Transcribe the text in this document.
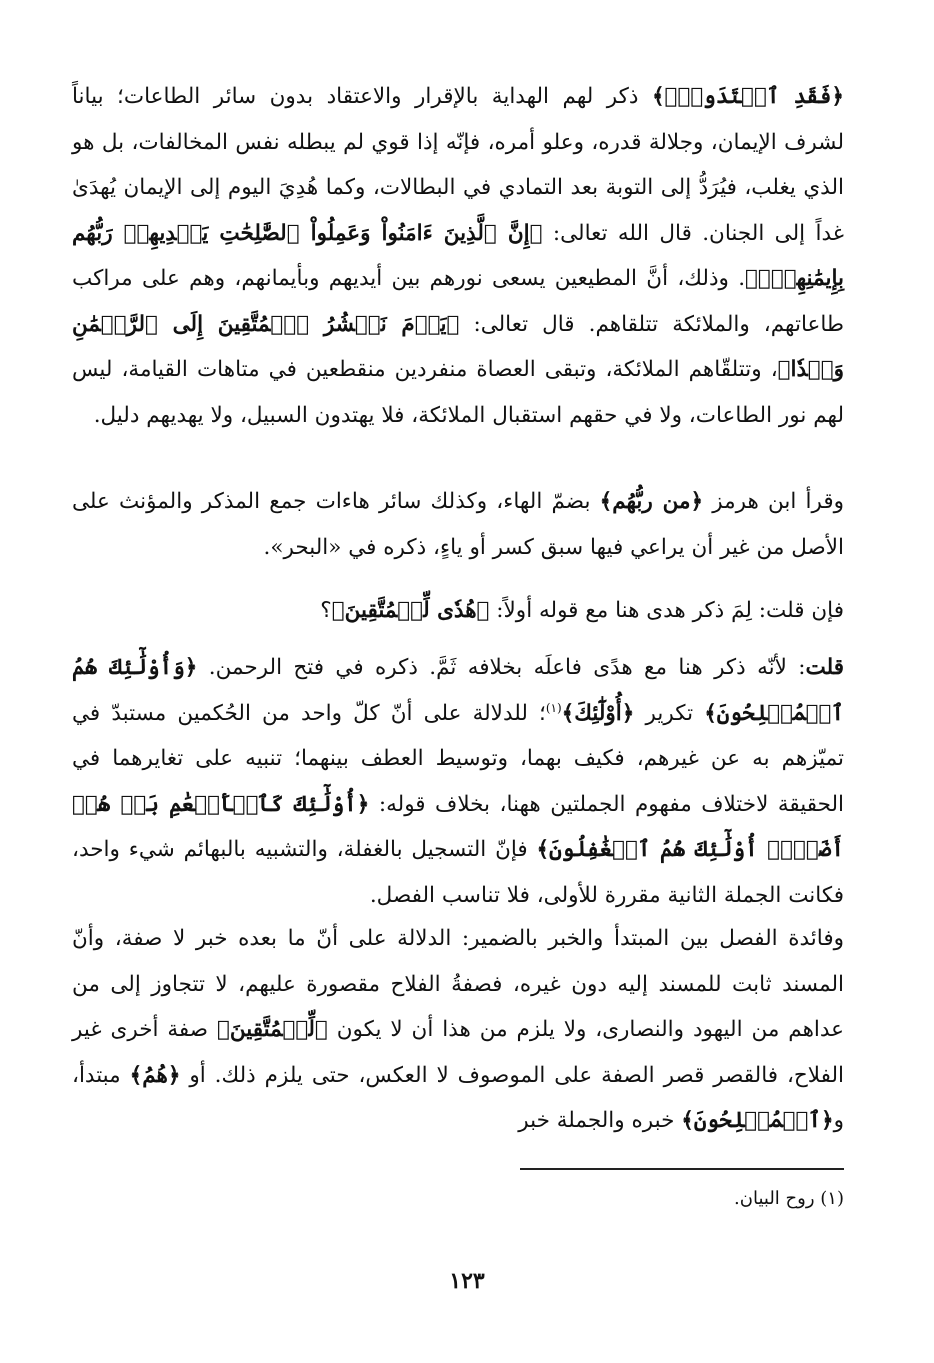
﴿فَقَدِ ٱهۡتَدَواْۖ﴾ ذكر لهم الهداية بالإقرار والاعتقاد بدون سائر الطاعات؛ بياناً لشرف الإيمان، وجلالة قدره، وعلو أمره، فإنّه إذا قوي لم يبطله نفس المخالفات، بل هو الذي يغلب، فيُرَدُّ إلى التوبة بعد التمادي في البطالات، وكما هُدِيَ اليوم إلى الإيمان يُهدَىٰ غداً إلى الجنان. قال الله تعالى: ﴿إِنَّ ٱلَّذِينَ ءَامَنُواْ وَعَمِلُواْ ٱلصَّٰلِحَٰتِ يَهۡدِيهِمۡ رَبُّهُم بِإِيمَٰنِهِمۡۖ﴾. وذلك، أنَّ المطيعين يسعى نورهم بين أيديهم وبأيمانهم، وهم على مراكب طاعاتهم، والملائكة تتلقاهم. قال تعالى: ﴿يَوۡمَ نَحۡشُرُ ٱلۡمُتَّقِينَ إِلَى ٱلرَّحۡمَٰنِ وَفۡدٗا﴾، وتتلقّاهم الملائكة، وتبقى العصاة منفردين منقطعين في متاهات القيامة، ليس لهم نور الطاعات، ولا في حقهم استقبال الملائكة، فلا يهتدون السبيل، ولا يهديهم دليل.

وقرأ ابن هرمز ﴿من ربُّهُم﴾ بضمّ الهاء، وكذلك سائر هاءات جمع المذكر والمؤنث على الأصل من غير أن يراعي فيها سبق كسر أو ياءٍ، ذكره في «البحر».

فإن قلت: لِمَ ذكر هدى هنا مع قوله أولاً: ﴿هُدٗى لِّلۡمُتَّقِينَ﴾؟

قلت: لأنّه ذكر هنا مع هدًى فاعلَه بخلافه ثَمَّ. ذكره في فتح الرحمن. ﴿وَأُوْلَٰٓئِكَ هُمُ ٱلۡمُفۡلِحُونَ﴾ تكرير ﴿أُوْلَٰٓئِكَ﴾$^{(١)}$؛ للدلالة على أنّ كلّ واحد من الحُكمين مستبدّ في تميّزهم به عن غيرهم، فكيف بهما، وتوسيط العطف بينهما؛ تنبيه على تغايرهما في الحقيقة لاختلاف مفهوم الجملتين ههنا، بخلاف قوله: ﴿أُوْلَٰٓئِكَ كَٱلۡأَنۡعَٰمِ بَلۡ هُمۡ أَضَلُّۚ أُوْلَٰٓئِكَ هُمُ ٱلۡغَٰفِلُونَ﴾ فإنّ التسجيل بالغفلة، والتشبيه بالبهائم شيء واحد، فكانت الجملة الثانية مقررة للأولى، فلا تناسب الفصل.

وفائدة الفصل بين المبتدأ والخبر بالضمير: الدلالة على أنّ ما بعده خبر لا صفة، وأنّ المسند ثابت للمسند إليه دون غيره، فصفةُ الفلاح مقصورة عليهم، لا تتجاوز إلى من عداهم من اليهود والنصارى، ولا يلزم من هذا أن لا يكون ﴿لِّلۡمُتَّقِينَ﴾ صفة أخرى غير الفلاح، فالقصر قصر الصفة على الموصوف لا العكس، حتى يلزم ذلك. أو ﴿هُمُ﴾ مبتدأ، و﴿ٱلۡمُفۡلِحُونَ﴾ خبره والجملة خبر

(١) روح البيان.

١٢٣
